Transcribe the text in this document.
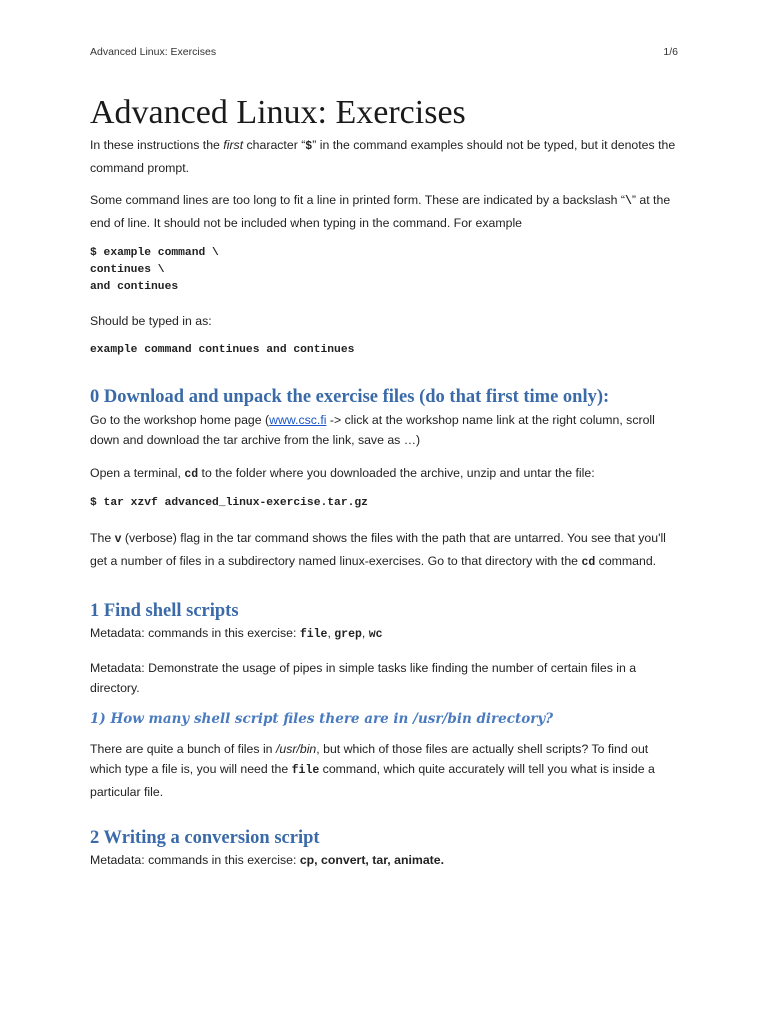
Advanced Linux: Exercises	1/6
Advanced Linux: Exercises

In these instructions the first character “$” in the command examples should not be typed, but it denotes the command prompt.

Some command lines are too long to fit a line in printed form. These are indicated by a backslash “\” at the end of line. It should not be included when typing in the command. For example

$ example command \
continues \
and continues

Should be typed in as:

example command continues and continues
0 Download and unpack the exercise files (do that first time only):

Go to the workshop home page (www.csc.fi -> click at the workshop name link at the right column, scroll down and download the tar archive from the link, save as …)

Open a terminal, cd to the folder where you downloaded the archive, unzip and untar the file:

$ tar xzvf advanced_linux-exercise.tar.gz

The v (verbose) flag in the tar command shows the files with the path that are untarred. You see that you'll get a number of files in a subdirectory named linux-exercises. Go to that directory with the cd command.

1 Find shell scripts

Metadata: commands in this exercise: file, grep, wc

Metadata: Demonstrate the usage of pipes in simple tasks like finding the number of certain files in a directory.

1) How many shell script files there are in /usr/bin directory?

There are quite a bunch of files in /usr/bin, but which of those files are actually shell scripts? To find out which type a file is, you will need the file command, which quite accurately will tell you what is inside a particular file.

2 Writing a conversion script

Metadata: commands in this exercise: cp, convert, tar, animate.
